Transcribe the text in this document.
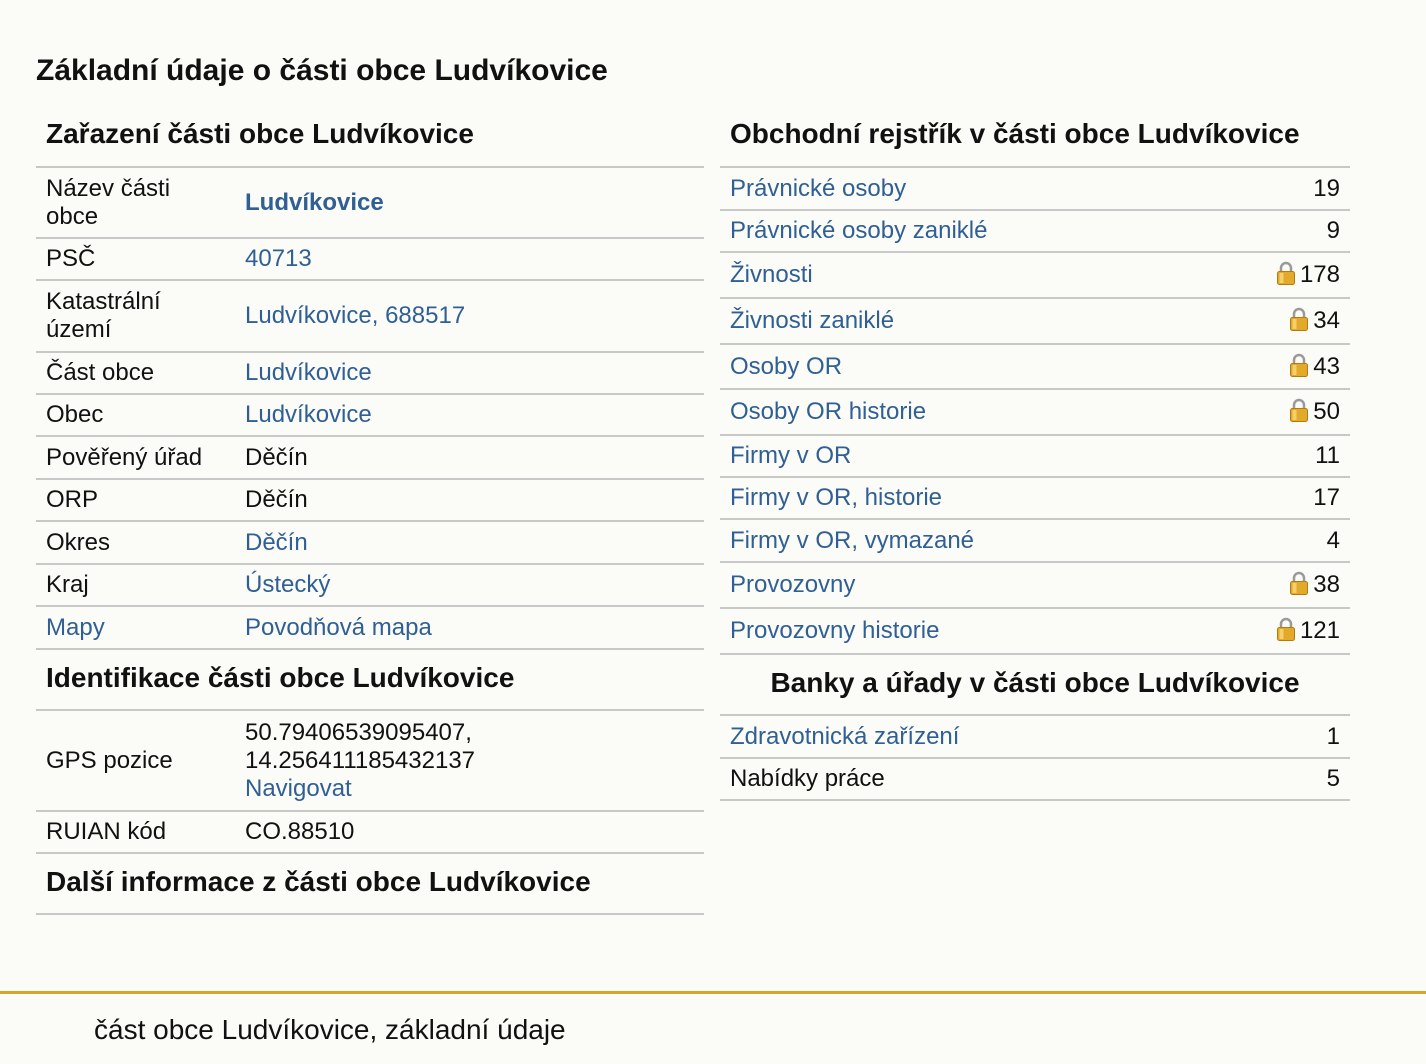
Základní údaje o části obce Ludvíkovice
Zařazení části obce Ludvíkovice
Název části obce	Ludvíkovice
PSČ	40713
Katastrální území	Ludvíkovice, 688517
Část obce	Ludvíkovice
Obec	Ludvíkovice
Pověřený úřad	Děčín
ORP	Děčín
Okres	Děčín
Kraj	Ústecký
Mapy	Povodňová mapa
Identifikace části obce Ludvíkovice
GPS pozice	50.79406539095407,
14.256411185432137
Navigovat

RUIAN kód	CO.88510
Další informace z části obce Ludvíkovice
Obchodní rejstřík v části obce Ludvíkovice
Právnické osoby	19
Právnické osoby zaniklé	9
Živnosti	178
Živnosti zaniklé	34
Osoby OR	43
Osoby OR historie	50
Firmy v OR	11
Firmy v OR, historie	17
Firmy v OR, vymazané	4
Provozovny	38
Provozovny historie	121
Banky a úřady v části obce Ludvíkovice
Zdravotnická zařízení	1
Nabídky práce	5
část obce Ludvíkovice, základní údaje
